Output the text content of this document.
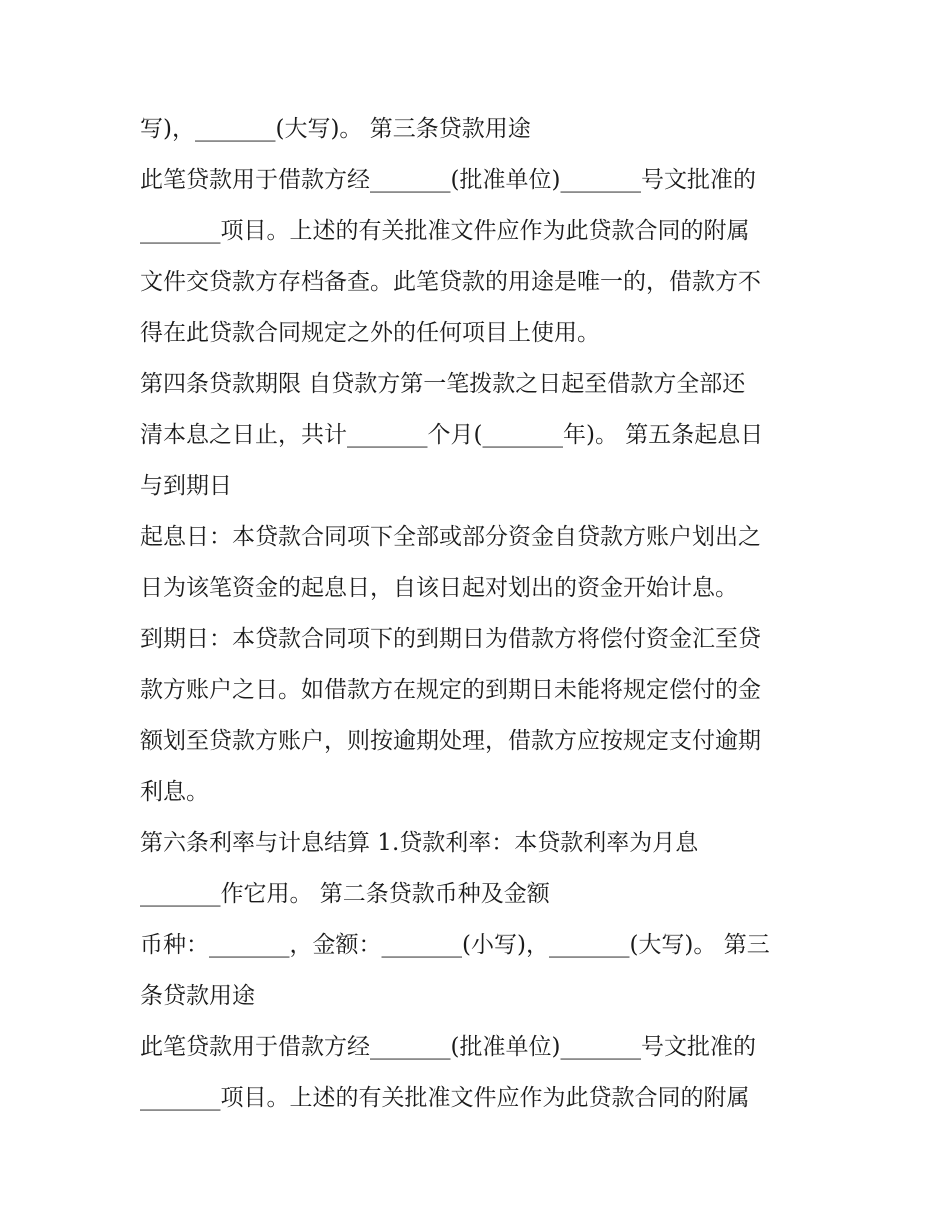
写)，_______(大写)。 第三条贷款用途
此笔贷款用于借款方经_______(批准单位)_______号文批准的
_______项目。上述的有关批准文件应作为此贷款合同的附属
文件交贷款方存档备查。此笔贷款的用途是唯一的，借款方不
得在此贷款合同规定之外的任何项目上使用。
第四条贷款期限 自贷款方第一笔拨款之日起至借款方全部还
清本息之日止，共计_______个月(_______年)。 第五条起息日
与到期日
起息日：本贷款合同项下全部或部分资金自贷款方账户划出之
日为该笔资金的起息日，自该日起对划出的资金开始计息。
到期日：本贷款合同项下的到期日为借款方将偿付资金汇至贷
款方账户之日。如借款方在规定的到期日未能将规定偿付的金
额划至贷款方账户，则按逾期处理，借款方应按规定支付逾期
利息。
第六条利率与计息结算 1.贷款利率：本贷款利率为月息
_______作它用。 第二条贷款币种及金额
币种：_______，金额：_______(小写)，_______(大写)。 第三
条贷款用途
此笔贷款用于借款方经_______(批准单位)_______号文批准的
_______项目。上述的有关批准文件应作为此贷款合同的附属
